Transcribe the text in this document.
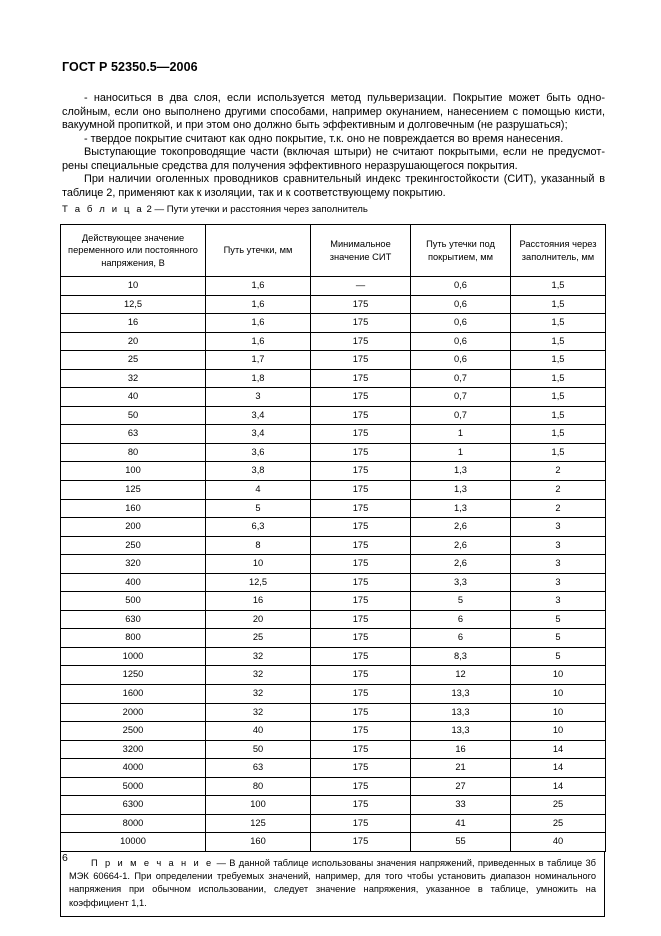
ГОСТ Р 52350.5—2006

- наноситься в два слоя, если используется метод пульверизации. Покрытие может быть однослойным, если оно выполнено другими способами, например окунанием, нанесением с помощью кисти, вакуумной пропиткой, и при этом оно должно быть эффективным и долговечным (не разрушаться);

- твердое покрытие считают как одно покрытие, т.к. оно не повреждается во время нанесения.

Выступающие токопроводящие части (включая штыри) не считают покрытыми, если не предусмотрены специальные средства для получения эффективного неразрушающегося покрытия.

При наличии оголенных проводников сравнительный индекс трекингостойкости (СИТ), указанный в таблице 2, применяют как к изоляции, так и к соответствующему покрытию.

Т а б л и ц а 2 — Пути утечки и расстояния через заполнитель
Действующее значение переменного или постоянного напряжения, В	Путь утечки, мм	Минимальное значение СИТ	Путь утечки под покрытием, мм	Расстояния через заполнитель, мм
10	1,6	—	0,6	1,5
12,5	1,6	175	0,6	1,5
16	1,6	175	0,6	1,5
20	1,6	175	0,6	1,5
25	1,7	175	0,6	1,5
32	1,8	175	0,7	1,5
40	3	175	0,7	1,5
50	3,4	175	0,7	1,5
63	3,4	175	1	1,5
80	3,6	175	1	1,5
100	3,8	175	1,3	2
125	4	175	1,3	2
160	5	175	1,3	2
200	6,3	175	2,6	3
250	8	175	2,6	3
320	10	175	2,6	3
400	12,5	175	3,3	3
500	16	175	5	3
630	20	175	6	5
800	25	175	6	5
1000	32	175	8,3	5
1250	32	175	12	10
1600	32	175	13,3	10
2000	32	175	13,3	10
2500	40	175	13,3	10
3200	50	175	16	14
4000	63	175	21	14
5000	80	175	27	14
6300	100	175	33	25
8000	125	175	41	25
10000	160	175	55	40

П р и м е ч а н и е — В данной таблице использованы значения напряжений, приведенных в таблице 3б МЭК 60664-1. При определении требуемых значений, например, для того чтобы установить диапазон номинального напряжения при обычном использовании, следует значение напряжения, указанное в таблице, умножить на коэффициент 1,1.

6
